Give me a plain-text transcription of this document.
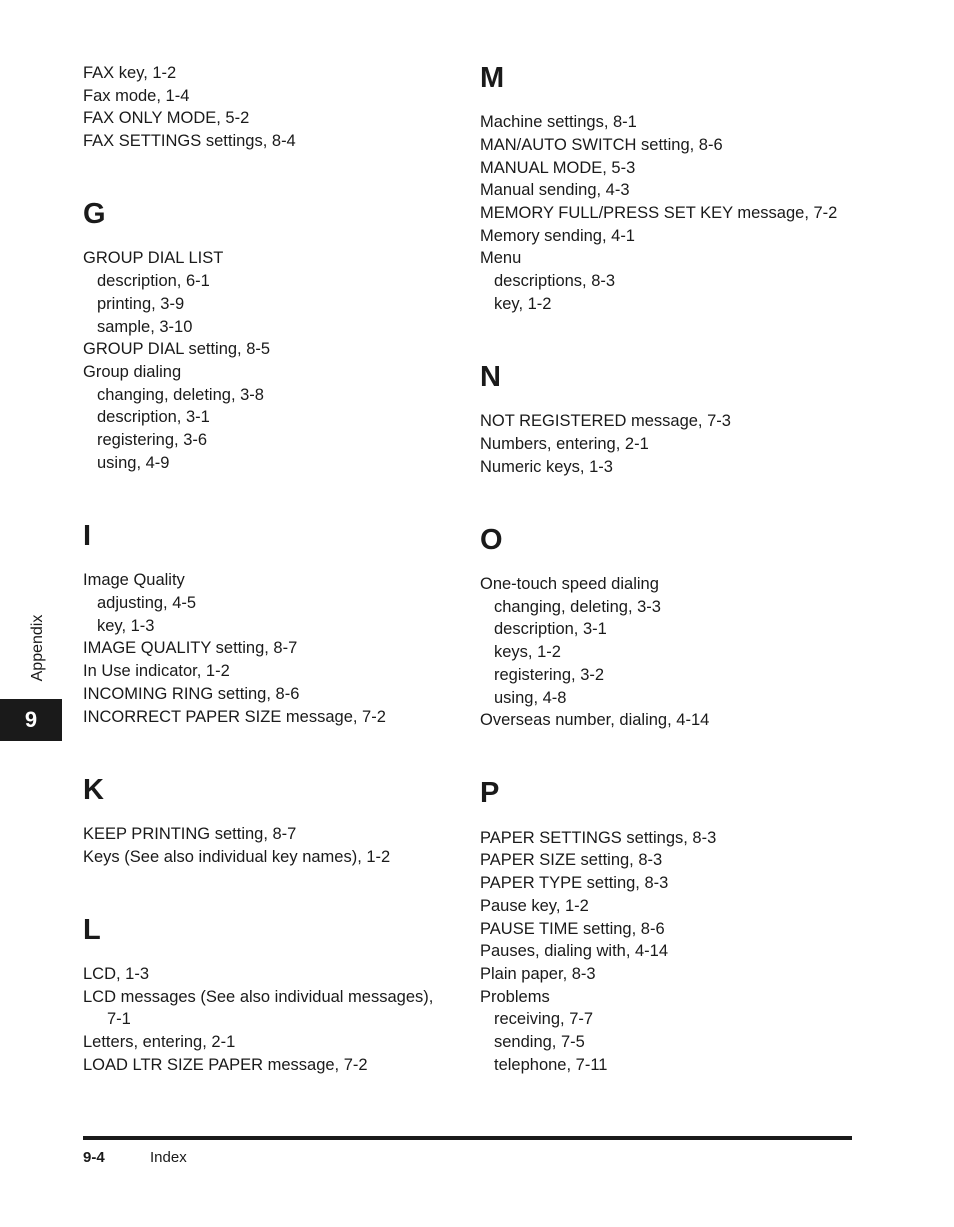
FAX key, 1-2
Fax mode, 1-4
FAX ONLY MODE, 5-2
FAX SETTINGS settings, 8-4
G
GROUP DIAL LIST
description, 6-1
printing, 3-9
sample, 3-10
GROUP DIAL setting, 8-5
Group dialing
changing, deleting, 3-8
description, 3-1
registering, 3-6
using, 4-9
I
Image Quality
adjusting, 4-5
key, 1-3
IMAGE QUALITY setting, 8-7
In Use indicator, 1-2
INCOMING RING setting, 8-6
INCORRECT PAPER SIZE message, 7-2
K
KEEP PRINTING setting, 8-7
Keys (See also individual key names), 1-2
L
LCD, 1-3
LCD messages (See also individual messages),
7-1
Letters, entering, 2-1
LOAD LTR SIZE PAPER message, 7-2
M
Machine settings, 8-1
MAN/AUTO SWITCH setting, 8-6
MANUAL MODE, 5-3
Manual sending, 4-3
MEMORY FULL/PRESS SET KEY message, 7-2
Memory sending, 4-1
Menu
descriptions, 8-3
key, 1-2
N
NOT REGISTERED message, 7-3
Numbers, entering, 2-1
Numeric keys, 1-3
O
One-touch speed dialing
changing, deleting, 3-3
description, 3-1
keys, 1-2
registering, 3-2
using, 4-8
Overseas number, dialing, 4-14
P
PAPER SETTINGS settings, 8-3
PAPER SIZE setting, 8-3
PAPER TYPE setting, 8-3
Pause key, 1-2
PAUSE TIME setting, 8-6
Pauses, dialing with, 4-14
Plain paper, 8-3
Problems
receiving, 7-7
sending, 7-5
telephone, 7-11
Appendix
9
9-4	Index
